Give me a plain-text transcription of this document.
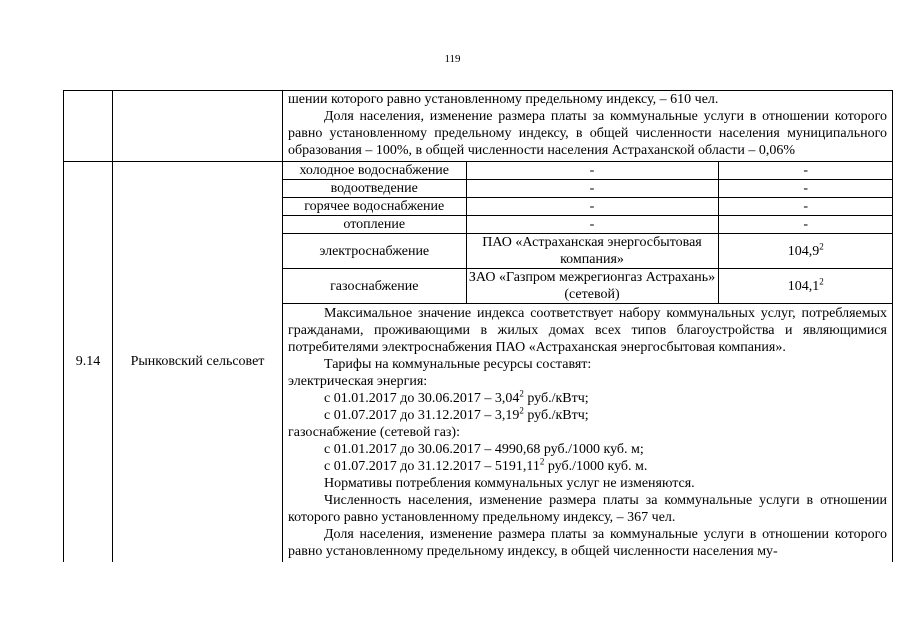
119

шении которого равно установленному предельному индексу, – 610 чел.

Доля населения, изменение размера платы за коммунальные услуги в отношении которого равно установленному предельному индексу, в общей численности населения муниципального образования – 100%, в общей численности населения Астраханской области – 0,06%

9.14	Рынковский сельсовет	
холодное водоснабжение	-	-
водоотведение	-	-
горячее водоснабжение	-	-
отопление	-	-
электроснабжение	ПАО «Астраханская энергосбытовая компания»	104,9$^2$
газоснабжение	ЗАО «Газпром межрегионгаз Астрахань» (сетевой)	104,1$^2$

Максимальное значение индекса соответствует набору коммунальных услуг, потребляемых гражданами, проживающими в жилых домах всех типов благоустройства и являющимися потребителями электроснабжения ПАО «Астраханская энергосбытовая компания».

Тарифы на коммунальные ресурсы составят:

электрическая энергия:

с 01.01.2017 до 30.06.2017 – 3,04$^2$ руб./кВтч;

с 01.07.2017 до 31.12.2017 – 3,19$^2$ руб./кВтч;

газоснабжение (сетевой газ):

с 01.01.2017 до 30.06.2017 – 4990,68 руб./1000 куб. м;

с 01.07.2017 до 31.12.2017 – 5191,11$^2$ руб./1000 куб. м.

Нормативы потребления коммунальных услуг не изменяются.

Численность населения, изменение размера платы за коммунальные услуги в отношении которого равно установленному предельному индексу, – 367 чел.

Доля населения, изменение размера платы за коммунальные услуги в отношении которого равно установленному предельному индексу, в общей численности населения му-
